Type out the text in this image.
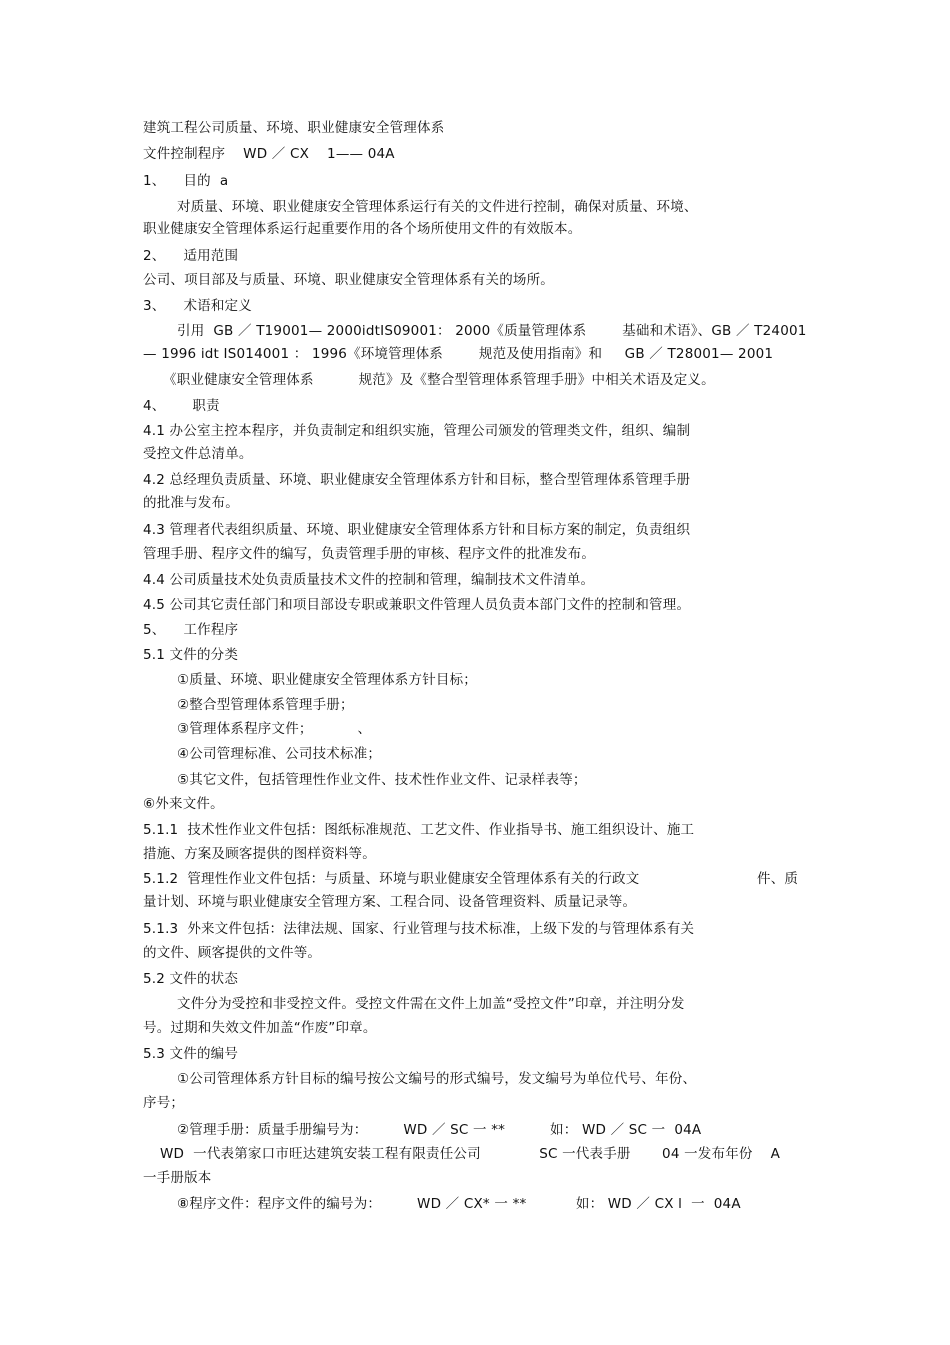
建筑工程公司质量、环境、职业健康安全管理体系
文件控制程序    WD ／ CX    1—— 04A
1、    目的  a
对质量、环境、职业健康安全管理体系运行有关的文件进行控制，确保对质量、环境、
职业健康安全管理体系运行起重要作用的各个场所使用文件的有效版本。
2、    适用范围
公司、项目部及与质量、环境、职业健康安全管理体系有关的场所。
3、    术语和定义
引用  GB ／ T19001— 2000idtIS09001： 2000《质量管理体系        基础和术语》、GB ／ T24001
— 1996 idt IS014001 ： 1996《环境管理体系        规范及使用指南》和     GB ／ T28001— 2001
《职业健康安全管理体系          规范》及《整合型管理体系管理手册》中相关术语及定义。
4、      职责
4.1 办公室主控本程序，并负责制定和组织实施，管理公司颁发的管理类文件，组织、编制
受控文件总清单。
4.2 总经理负责质量、环境、职业健康安全管理体系方针和目标，整合型管理体系管理手册
的批准与发布。
4.3 管理者代表组织质量、环境、职业健康安全管理体系方针和目标方案的制定，负责组织
管理手册、程序文件的编写，负责管理手册的审核、程序文件的批准发布。
4.4 公司质量技术处负责质量技术文件的控制和管理，编制技术文件清单。
4.5 公司其它责任部门和项目部设专职或兼职文件管理人员负责本部门文件的控制和管理。
5、    工作程序
5.1 文件的分类
①质量、环境、职业健康安全管理体系方针目标；
②整合型管理体系管理手册；
③管理体系程序文件；          、
④公司管理标准、公司技术标准；
⑤其它文件，包括管理性作业文件、技术性作业文件、记录样表等；
⑥外来文件。
5.1.1  技术性作业文件包括：图纸标准规范、工艺文件、作业指导书、施工组织设计、施工
措施、方案及顾客提供的图样资料等。
5.1.2  管理性作业文件包括：与质量、环境与职业健康安全管理体系有关的行政文	件、质
量计划、环境与职业健康安全管理方案、工程合同、设备管理资料、质量记录等。
5.1.3  外来文件包括：法律法规、国家、行业管理与技术标准，上级下发的与管理体系有关
的文件、顾客提供的文件等。
5.2 文件的状态
文件分为受控和非受控文件。受控文件需在文件上加盖“受控文件”印章，并注明分发
号。过期和失效文件加盖“作废”印章。
5.3 文件的编号
①公司管理体系方针目标的编号按公文编号的形式编号，发文编号为单位代号、年份、
序号；
②管理手册：质量手册编号为：        WD ／ SC 一 **          如： WD ／ SC 一  04A
WD  一代表第家口市旺达建筑安装工程有限责任公司             SC 一代表手册       04 一发布年份    A
一手册版本
⑧程序文件：程序文件的编号为：        WD ／ CX* 一 **           如： WD ／ CX l  一  04A
